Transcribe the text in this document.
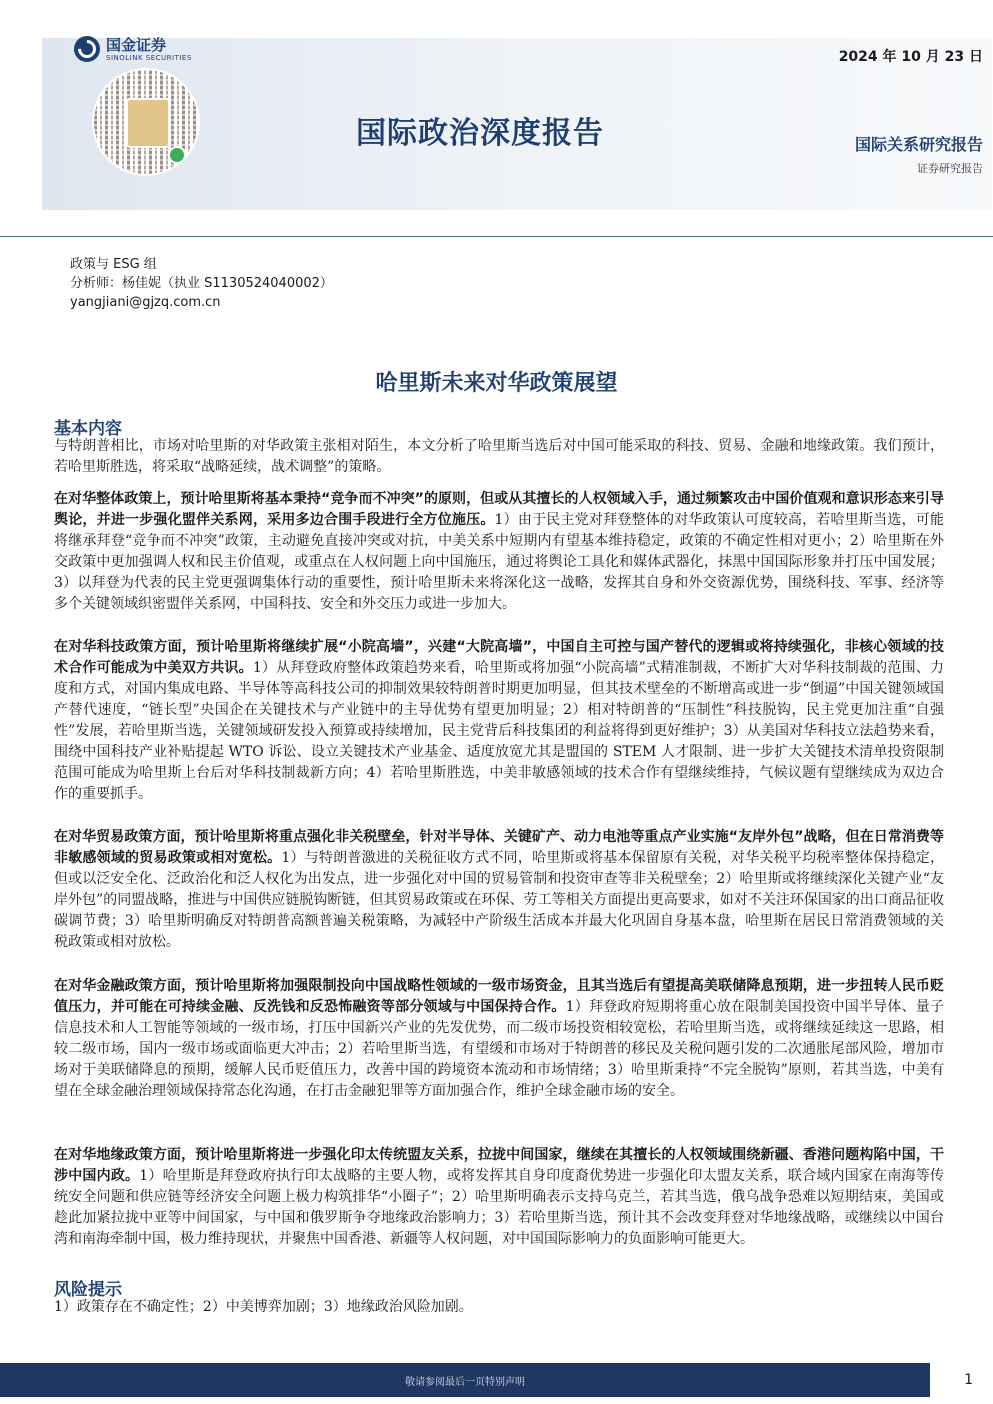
国金证券
SINOLINK SECURITIES	2024 年 10 月 23 日
国际政治深度报告	国际关系研究报告
证券研究报告
政策与 ESG 组
分析师：杨佳妮（执业 S1130524040002）
yangjiani@gjzq.com.cn
哈里斯未来对华政策展望
基本内容

与特朗普相比，市场对哈里斯的对华政策主张相对陌生，本文分析了哈里斯当选后对中国可能采取的科技、贸易、金融和地缘政策。我们预计，若哈里斯胜选，将采取“战略延续，战术调整”的策略。

在对华整体政策上，预计哈里斯将基本秉持“竞争而不冲突”的原则，但或从其擅长的人权领域入手，通过频繁攻击中国价值观和意识形态来引导舆论，并进一步强化盟伴关系网，采用多边合围手段进行全方位施压。1）由于民主党对拜登整体的对华政策认可度较高，若哈里斯当选，可能将继承拜登“竞争而不冲突”政策，主动避免直接冲突或对抗，中美关系中短期内有望基本维持稳定，政策的不确定性相对更小；2）哈里斯在外交政策中更加强调人权和民主价值观，或重点在人权问题上向中国施压，通过将舆论工具化和媒体武器化，抹黑中国国际形象并打压中国发展；3）以拜登为代表的民主党更强调集体行动的重要性，预计哈里斯未来将深化这一战略，发挥其自身和外交资源优势，围绕科技、军事、经济等多个关键领域织密盟伴关系网，中国科技、安全和外交压力或进一步加大。

在对华科技政策方面，预计哈里斯将继续扩展“小院高墙”，兴建“大院高墙”，中国自主可控与国产替代的逻辑或将持续强化，非核心领域的技术合作可能成为中美双方共识。1）从拜登政府整体政策趋势来看，哈里斯或将加强“小院高墙”式精准制裁，不断扩大对华科技制裁的范围、力度和方式，对国内集成电路、半导体等高科技公司的抑制效果较特朗普时期更加明显，但其技术壁垒的不断增高或进一步“倒逼”中国关键领域国产替代速度，“链长型”央国企在关键技术与产业链中的主导优势有望更加明显；2）相对特朗普的“压制性”科技脱钩，民主党更加注重“自强性”发展，若哈里斯当选，关键领域研发投入预算或持续增加，民主党背后科技集团的利益将得到更好维护；3）从美国对华科技立法趋势来看，围绕中国科技产业补贴提起 WTO 诉讼、设立关键技术产业基金、适度放宽尤其是盟国的 STEM 人才限制、进一步扩大关键技术清单投资限制范围可能成为哈里斯上台后对华科技制裁新方向；4）若哈里斯胜选，中美非敏感领域的技术合作有望继续维持，气候议题有望继续成为双边合作的重要抓手。

在对华贸易政策方面，预计哈里斯将重点强化非关税壁垒，针对半导体、关键矿产、动力电池等重点产业实施“友岸外包”战略，但在日常消费等非敏感领域的贸易政策或相对宽松。1）与特朗普激进的关税征收方式不同，哈里斯或将基本保留原有关税，对华关税平均税率整体保持稳定，但或以泛安全化、泛政治化和泛人权化为出发点，进一步强化对中国的贸易管制和投资审查等非关税壁垒；2）哈里斯或将继续深化关键产业“友岸外包”的同盟战略，推进与中国供应链脱钩断链，但其贸易政策或在环保、劳工等相关方面提出更高要求，如对不关注环保国家的出口商品征收碳调节费；3）哈里斯明确反对特朗普高额普遍关税策略，为减轻中产阶级生活成本并最大化巩固自身基本盘，哈里斯在居民日常消费领域的关税政策或相对放松。

在对华金融政策方面，预计哈里斯将加强限制投向中国战略性领域的一级市场资金，且其当选后有望提高美联储降息预期，进一步扭转人民币贬值压力，并可能在可持续金融、反洗钱和反恐怖融资等部分领域与中国保持合作。1）拜登政府短期将重心放在限制美国投资中国半导体、量子信息技术和人工智能等领域的一级市场，打压中国新兴产业的先发优势，而二级市场投资相较宽松，若哈里斯当选，或将继续延续这一思路，相较二级市场，国内一级市场或面临更大冲击；2）若哈里斯当选，有望缓和市场对于特朗普的移民及关税问题引发的二次通胀尾部风险，增加市场对于美联储降息的预期，缓解人民币贬值压力，改善中国的跨境资本流动和市场情绪；3）哈里斯秉持“不完全脱钩”原则，若其当选，中美有望在全球金融治理领域保持常态化沟通，在打击金融犯罪等方面加强合作，维护全球金融市场的安全。

在对华地缘政策方面，预计哈里斯将进一步强化印太传统盟友关系，拉拢中间国家，继续在其擅长的人权领域围绕新疆、香港问题构陷中国，干涉中国内政。1）哈里斯是拜登政府执行印太战略的主要人物，或将发挥其自身印度裔优势进一步强化印太盟友关系，联合域内国家在南海等传统安全问题和供应链等经济安全问题上极力构筑排华“小圈子”；2）哈里斯明确表示支持乌克兰，若其当选，俄乌战争恐难以短期结束，美国或趁此加紧拉拢中亚等中间国家，与中国和俄罗斯争夺地缘政治影响力；3）若哈里斯当选，预计其不会改变拜登对华地缘战略，或继续以中国台湾和南海牵制中国，极力维持现状，并聚焦中国香港、新疆等人权问题，对中国国际影响力的负面影响可能更大。

风险提示

1）政策存在不确定性；2）中美博弈加剧；3）地缘政治风险加剧。

敬请参阅最后一页特别声明	1
